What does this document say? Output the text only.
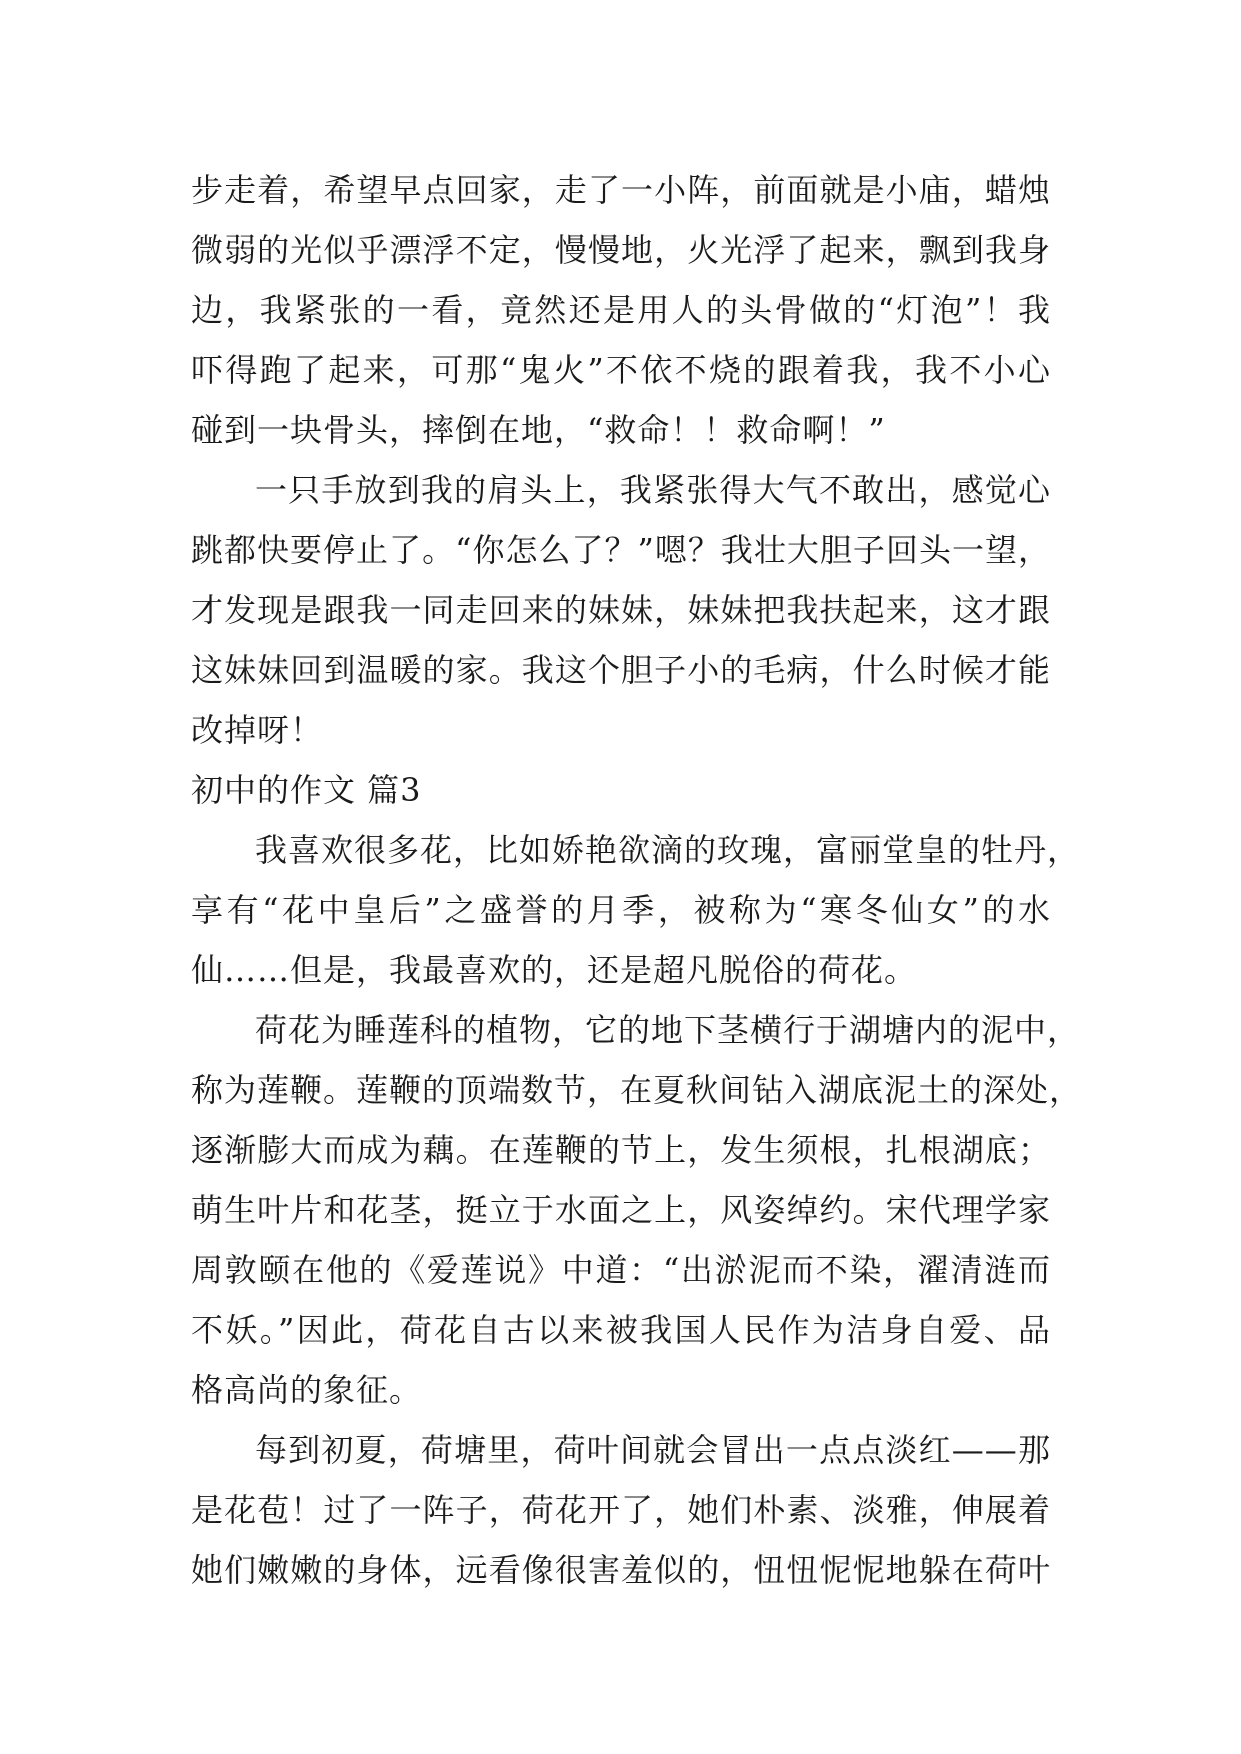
步走着，希望早点回家，走了一小阵，前面就是小庙，蜡烛
微弱的光似乎漂浮不定，慢慢地，火光浮了起来，飘到我身
边，我紧张的一看，竟然还是用人的头骨做的“灯泡”！我
吓得跑了起来，可那“鬼火”不依不烧的跟着我，我不小心
碰到一块骨头，摔倒在地，“救命！！救命啊！”
一只手放到我的肩头上，我紧张得大气不敢出，感觉心
跳都快要停止了。“你怎么了？”嗯？我壮大胆子回头一望，
才发现是跟我一同走回来的妹妹，妹妹把我扶起来，这才跟
这妹妹回到温暖的家。我这个胆子小的毛病，什么时候才能
改掉呀！
初中的作文 篇3
我喜欢很多花，比如娇艳欲滴的玫瑰，富丽堂皇的牡丹，
享有“花中皇后”之盛誉的月季，被称为“寒冬仙女”的水
仙……但是，我最喜欢的，还是超凡脱俗的荷花。
荷花为睡莲科的植物，它的地下茎横行于湖塘内的泥中，
称为莲鞭。莲鞭的顶端数节，在夏秋间钻入湖底泥土的深处，
逐渐膨大而成为藕。在莲鞭的节上，发生须根，扎根湖底；
萌生叶片和花茎，挺立于水面之上，风姿绰约。宋代理学家
周敦颐在他的《爱莲说》中道：“出淤泥而不染，濯清涟而
不妖。”因此，荷花自古以来被我国人民作为洁身自爱、品
格高尚的象征。
每到初夏，荷塘里，荷叶间就会冒出一点点淡红——那
是花苞！过了一阵子，荷花开了，她们朴素、淡雅，伸展着
她们嫩嫩的身体，远看像很害羞似的，忸忸怩怩地躲在荷叶
